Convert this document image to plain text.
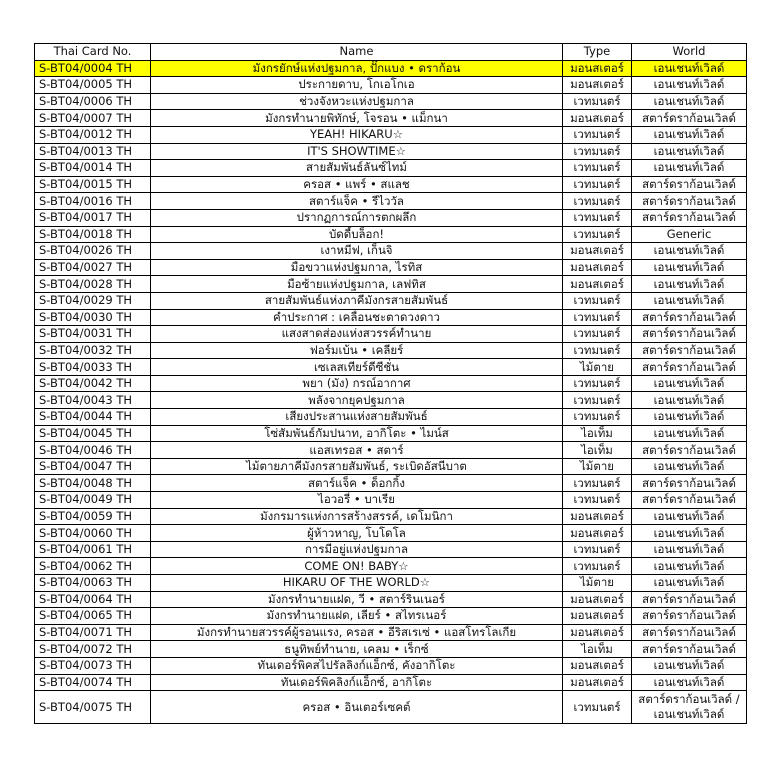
Thai Card No.	Name	Type	World
S-BT04/0004 TH	มังกรยักษ์แห่งปฐมกาล, ปั๊กแบง • ดราก้อน	มอนสเตอร์	เอนเชนท์เวิลด์
S-BT04/0005 TH	ประกายดาบ, โกเอโกเอ	มอนสเตอร์	เอนเชนท์เวิลด์
S-BT04/0006 TH	ช่วงจังหวะแห่งปฐมกาล	เวทมนตร์	เอนเชนท์เวิลด์
S-BT04/0007 TH	มังกรทำนายพิทักษ์, โจรอน • แม็กนา	มอนสเตอร์	สตาร์ดราก้อนเวิลด์
S-BT04/0012 TH	YEAH! HIKARU☆	เวทมนตร์	เอนเชนท์เวิลด์
S-BT04/0013 TH	IT'S SHOWTIME☆	เวทมนตร์	เอนเชนท์เวิลด์
S-BT04/0014 TH	สายสัมพันธ์ลันซ์ไทม์	เวทมนตร์	เอนเชนท์เวิลด์
S-BT04/0015 TH	ครอส • แพร์ • สแลช	เวทมนตร์	สตาร์ดราก้อนเวิลด์
S-BT04/0016 TH	สตาร์แจ็ค • รีไววัล	เวทมนตร์	สตาร์ดราก้อนเวิลด์
S-BT04/0017 TH	ปรากฏการณ์การตกผลึก	เวทมนตร์	สตาร์ดราก้อนเวิลด์
S-BT04/0018 TH	บัดดี้บล็อก!	เวทมนตร์	Generic
S-BT04/0026 TH	เงาหมีฟ, เก็นจิ	มอนสเตอร์	เอนเชนท์เวิลด์
S-BT04/0027 TH	มือขวาแห่งปฐมกาล, ไรทิส	มอนสเตอร์	เอนเชนท์เวิลด์
S-BT04/0028 TH	มือซ้ายแห่งปฐมกาล, เลฟทิส	มอนสเตอร์	เอนเชนท์เวิลด์
S-BT04/0029 TH	สายสัมพันธ์แห่งภาคีมังกรสายสัมพันธ์	เวทมนตร์	เอนเชนท์เวิลด์
S-BT04/0030 TH	คำประกาศ : เคลื่อนชะตาดวงดาว	เวทมนตร์	สตาร์ดราก้อนเวิลด์
S-BT04/0031 TH	แสงสาดส่องแห่งสวรรค์ทำนาย	เวทมนตร์	สตาร์ดราก้อนเวิลด์
S-BT04/0032 TH	ฟอร์มเบ้น • เคลียร์	เวทมนตร์	สตาร์ดราก้อนเวิลด์
S-BT04/0033 TH	เซเลสเทียร์ดีซีชั่น	ไม้ตาย	สตาร์ดราก้อนเวิลด์
S-BT04/0042 TH	พยา (มัง) กรณ์อากาศ	เวทมนตร์	เอนเชนท์เวิลด์
S-BT04/0043 TH	พลังจากยุคปฐมกาล	เวทมนตร์	เอนเชนท์เวิลด์
S-BT04/0044 TH	เสียงประสานแห่งสายสัมพันธ์	เวทมนตร์	เอนเชนท์เวิลด์
S-BT04/0045 TH	โซ่สัมพันธ์กัมปนาท, อากิโตะ • ไมน์ส	ไอเท็ม	เอนเชนท์เวิลด์
S-BT04/0046 TH	แอสเทรอส • สตาร์	ไอเท็ม	สตาร์ดราก้อนเวิลด์
S-BT04/0047 TH	ไม้ตายภาคีมังกรสายสัมพันธ์, ระเบิดอัสนีบาต	ไม้ตาย	เอนเชนท์เวิลด์
S-BT04/0048 TH	สตาร์แจ็ค • ด็อกกิ้ง	เวทมนตร์	สตาร์ดราก้อนเวิลด์
S-BT04/0049 TH	ไอวอรี่ • บาเรีย	เวทมนตร์	สตาร์ดราก้อนเวิลด์
S-BT04/0059 TH	มังกรมารแห่งการสร้างสรรค์, เดโมนิกา	มอนสเตอร์	เอนเชนท์เวิลด์
S-BT04/0060 TH	ผู้ห้าวหาญ, โบโดโล	มอนสเตอร์	เอนเชนท์เวิลด์
S-BT04/0061 TH	การมีอยู่แห่งปฐมกาล	เวทมนตร์	เอนเชนท์เวิลด์
S-BT04/0062 TH	COME ON! BABY☆	เวทมนตร์	เอนเชนท์เวิลด์
S-BT04/0063 TH	HIKARU OF THE WORLD☆	ไม้ตาย	เอนเชนท์เวิลด์
S-BT04/0064 TH	มังกรทำนายแฝด, วี • สตาร์รินเนอร์	มอนสเตอร์	สตาร์ดราก้อนเวิลด์
S-BT04/0065 TH	มังกรทำนายแฝด, เลียร์ • สไทรเนอร์	มอนสเตอร์	สตาร์ดราก้อนเวิลด์
S-BT04/0071 TH	มังกรทำนายสวรรค์ผู้รอนแรง, ครอส • อีริสเรเซ่ • แอสโทรโลเกีย	มอนสเตอร์	สตาร์ดราก้อนเวิลด์
S-BT04/0072 TH	ธนูทิพย์ทำนาย, เคลม • เร็กซ์	ไอเท็ม	สตาร์ดราก้อนเวิลด์
S-BT04/0073 TH	ทันเดอร์พิคสไปรัลลิงก์แอ็กซ์, คังอากิโตะ	มอนสเตอร์	เอนเชนท์เวิลด์
S-BT04/0074 TH	ทันเดอร์พิคลิงก์แอ็กซ์, อากิโตะ	มอนสเตอร์	เอนเชนท์เวิลด์
S-BT04/0075 TH	ครอส • อินเตอร์เซคต์	เวทมนตร์	สตาร์ดราก้อนเวิลด์ /เอนเชนท์เวิลด์
